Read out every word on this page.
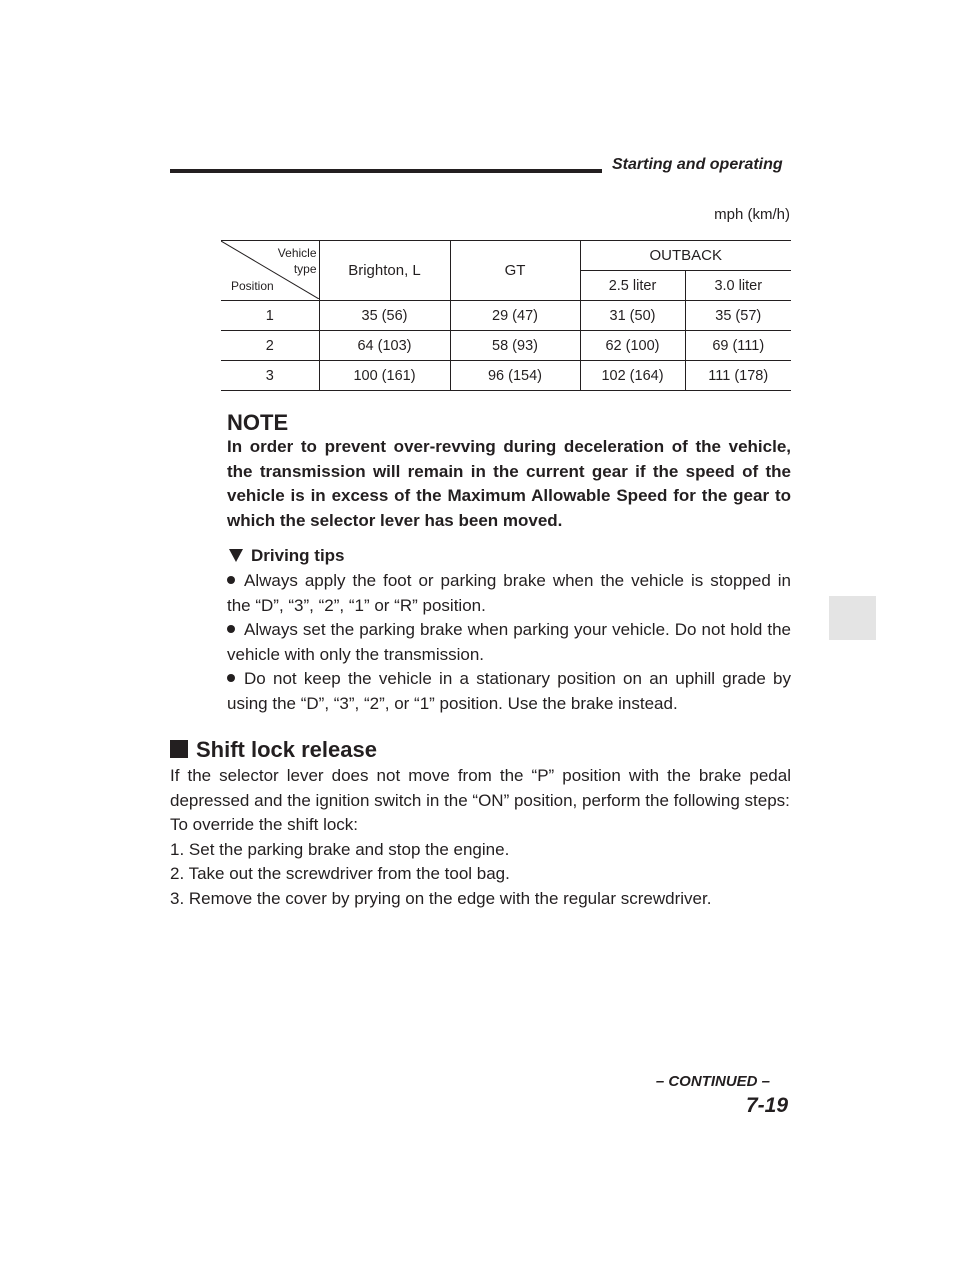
Starting and operating
mph (km/h)
Vehicle
type
Position	Brighton, L	GT	OUTBACK	
			2.5 liter	3.0 liter
1	35 (56)	29 (47)	31 (50)	35 (57)
2	64 (103)	58 (93)	62 (100)	69 (111)
3	100 (161)	96 (154)	102 (164)	111 (178)
NOTE
In order to prevent over-revving during deceleration of the vehicle, the transmission will remain in the current gear if the speed of the vehicle is in excess of the Maximum Allowable Speed for the gear to which the selector lever has been moved.
Driving tips
Always apply the foot or parking brake when the vehicle is stopped in the “D”, “3”, “2”, “1” or “R” position.
Always set the parking brake when parking your vehicle. Do not hold the vehicle with only the transmission.
Do not keep the vehicle in a stationary position on an uphill grade by using the “D”, “3”, “2”, or “1” position. Use the brake instead.
Shift lock release
If the selector lever does not move from the “P” position with the brake pedal depressed and the ignition switch in the “ON” position, perform the following steps:
To override the shift lock:
1. Set the parking brake and stop the engine.
2. Take out the screwdriver from the tool bag.
3. Remove the cover by prying on the edge with the regular screwdriver.
– CONTINUED –
7-19
